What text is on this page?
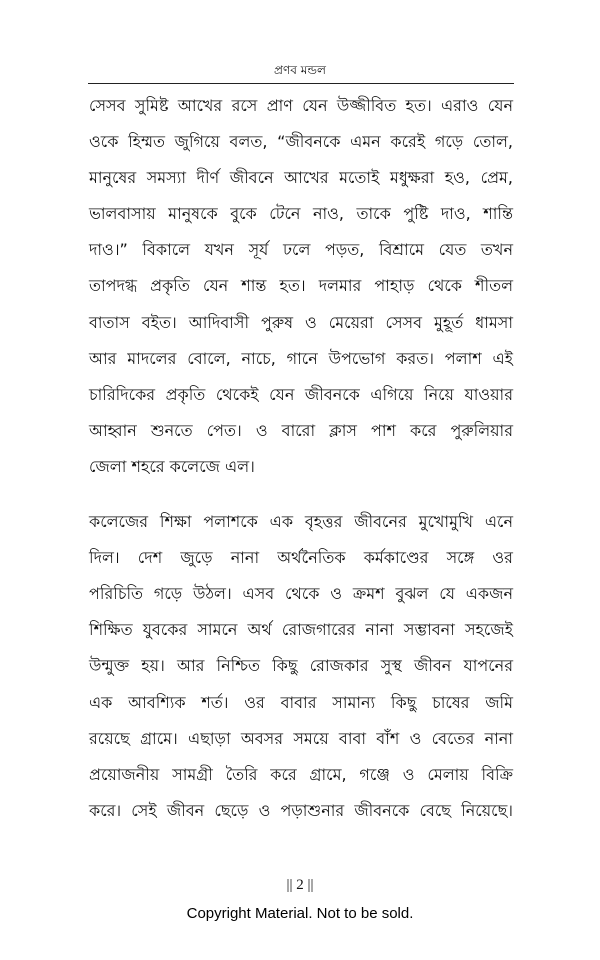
প্রণব মন্ডল

সেসব সুমিষ্ট আখের রসে প্রাণ যেন উজ্জীবিত হত। এরাও যেন
ওকে হিম্মত জুগিয়ে বলত, “জীবনকে এমন করেই গড়ে তোল,
মানুষের সমস্যা দীর্ণ জীবনে আখের মতোই মধুক্ষরা হও, প্রেম,
ভালবাসায় মানুষকে বুকে টেনে নাও, তাকে পুষ্টি দাও, শান্তি
দাও।” বিকালে যখন সূর্য ঢলে পড়ত, বিশ্রামে যেত তখন
তাপদগ্ধ প্রকৃতি যেন শান্ত হত। দলমার পাহাড় থেকে শীতল
বাতাস বইত। আদিবাসী পুরুষ ও মেয়েরা সেসব মুহূর্ত ধামসা
আর মাদলের বোলে, নাচে, গানে উপভোগ করত। পলাশ এই
চারিদিকের প্রকৃতি থেকেই যেন জীবনকে এগিয়ে নিয়ে যাওয়ার
আহ্বান শুনতে পেত। ও বারো ক্লাস পাশ করে পুরুলিয়ার
জেলা শহরে কলেজে এল।

কলেজের শিক্ষা পলাশকে এক বৃহত্তর জীবনের মুখোমুখি এনে
দিল। দেশ জুড়ে নানা অর্থনৈতিক কর্মকাণ্ডের সঙ্গে ওর
পরিচিতি গড়ে উঠল। এসব থেকে ও ক্রমশ বুঝল যে একজন
শিক্ষিত যুবকের সামনে অর্থ রোজগারের নানা সম্ভাবনা সহজেই
উন্মুক্ত হয়। আর নিশ্চিত কিছু রোজকার সুস্থ জীবন যাপনের
এক আবশ্যিক শর্ত। ওর বাবার সামান্য কিছু চাষের জমি
রয়েছে গ্রামে। এছাড়া অবসর সময়ে বাবা বাঁশ ও বেতের নানা
প্রয়োজনীয় সামগ্রী তৈরি করে গ্রামে, গঞ্জে ও মেলায় বিক্রি
করে। সেই জীবন ছেড়ে ও পড়াশুনার জীবনকে বেছে নিয়েছে।

|| 2 ||
Copyright Material. Not to be sold.
